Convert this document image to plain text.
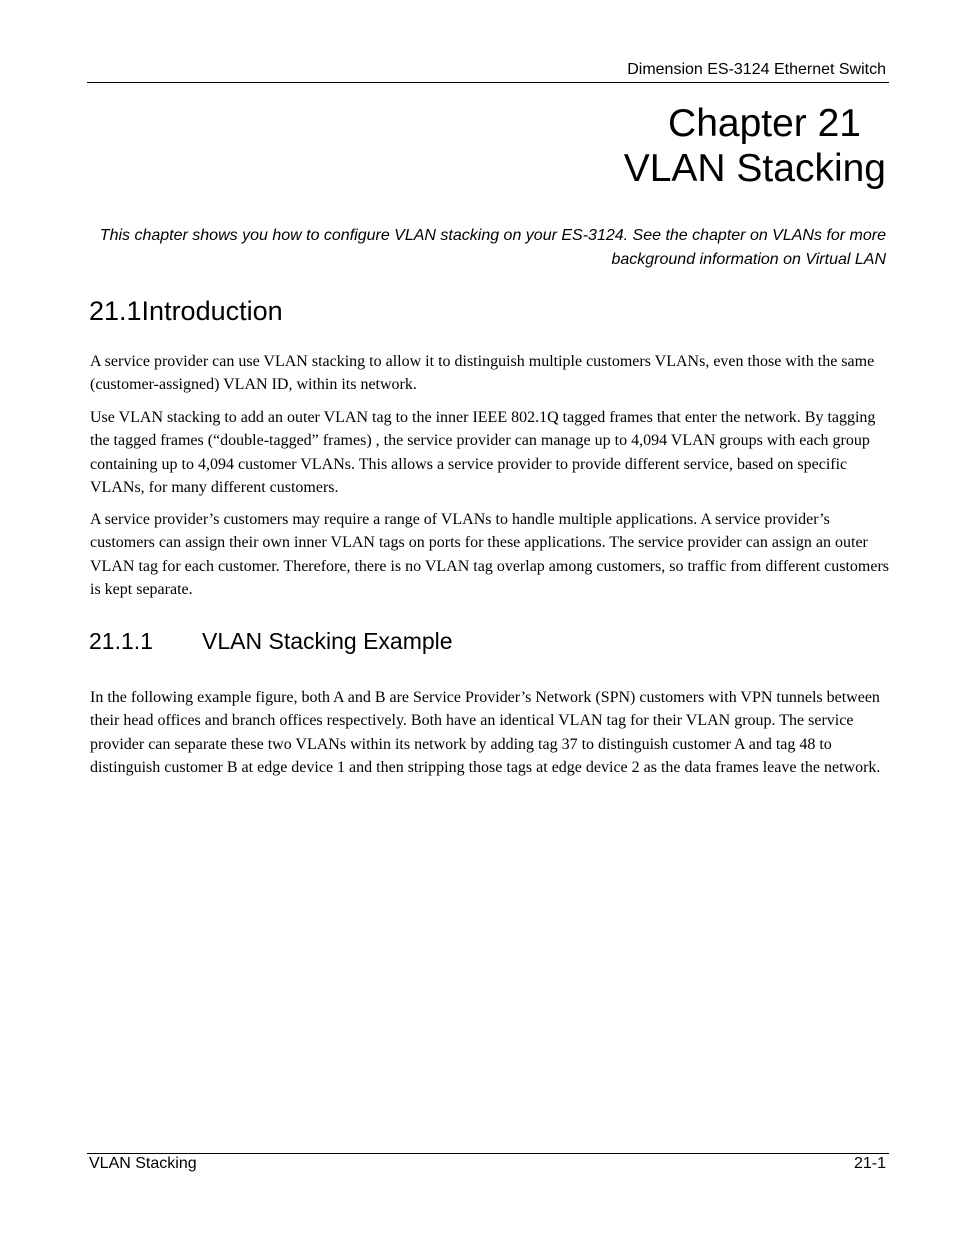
Dimension ES-3124 Ethernet Switch
Chapter 21
VLAN Stacking
This chapter shows you how to configure VLAN stacking on your ES-3124. See the chapter on VLANs for more background information on Virtual LAN
21.1Introduction

A service provider can use VLAN stacking to allow it to distinguish multiple customers VLANs, even those with the same (customer-assigned) VLAN ID, within its network.

Use VLAN stacking to add an outer VLAN tag to the inner IEEE 802.1Q tagged frames that enter the network. By tagging the tagged frames (“double-tagged” frames) , the service provider can manage up to 4,094 VLAN groups with each group containing up to 4,094 customer VLANs. This allows a service provider to provide different service, based on specific VLANs, for many different customers.

A service provider’s customers may require a range of VLANs to handle multiple applications. A service provider’s customers can assign their own inner VLAN tags on ports for these applications. The service provider can assign an outer VLAN tag for each customer. Therefore, there is no VLAN tag overlap among customers, so traffic from different customers is kept separate.

21.1.1 VLAN Stacking Example

In the following example figure, both A and B are Service Provider’s Network (SPN) customers with VPN tunnels between their head offices and branch offices respectively. Both have an identical VLAN tag for their VLAN group. The service provider can separate these two VLANs within its network by adding tag 37 to distinguish customer A and tag 48 to distinguish customer B at edge device 1 and then stripping those tags at edge device 2 as the data frames leave the network.

VLAN Stacking	21-1
